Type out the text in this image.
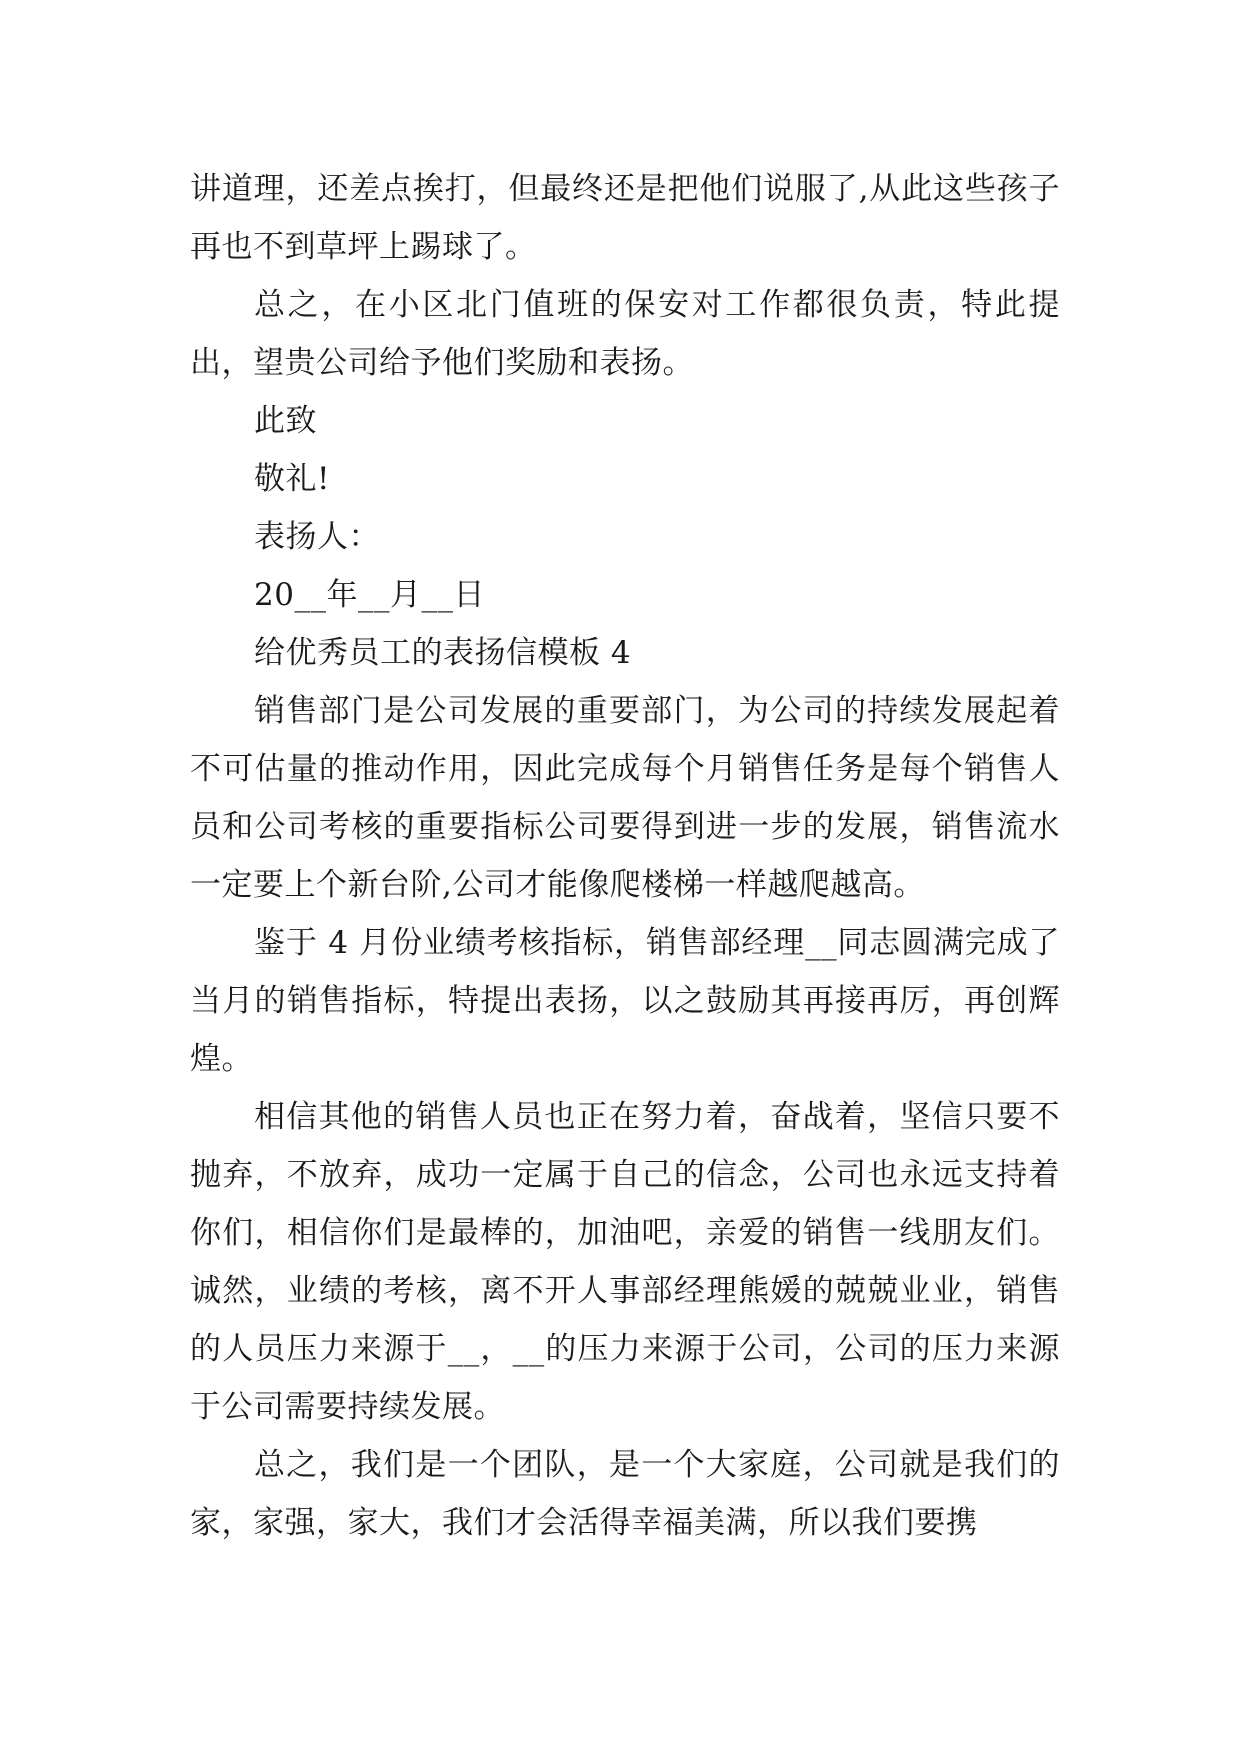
讲道理，还差点挨打，但最终还是把他们说服了,从此这些孩子再也不到草坪上踢球了。

总之，在小区北门值班的保安对工作都很负责，特此提出，望贵公司给予他们奖励和表扬。

此致

敬礼!

表扬人：

20__年__月__日

给优秀员工的表扬信模板 4

销售部门是公司发展的重要部门，为公司的持续发展起着不可估量的推动作用，因此完成每个月销售任务是每个销售人员和公司考核的重要指标公司要得到进一步的发展，销售流水一定要上个新台阶,公司才能像爬楼梯一样越爬越高。

鉴于 4 月份业绩考核指标，销售部经理__同志圆满完成了当月的销售指标，特提出表扬，以之鼓励其再接再厉，再创辉煌。

相信其他的销售人员也正在努力着，奋战着，坚信只要不抛弃，不放弃，成功一定属于自己的信念，公司也永远支持着你们，相信你们是最棒的，加油吧，亲爱的销售一线朋友们。诚然，业绩的考核，离不开人事部经理熊媛的兢兢业业，销售的人员压力来源于__，__的压力来源于公司，公司的压力来源于公司需要持续发展。

总之，我们是一个团队，是一个大家庭，公司就是我们的家，家强，家大，我们才会活得幸福美满，所以我们要携
